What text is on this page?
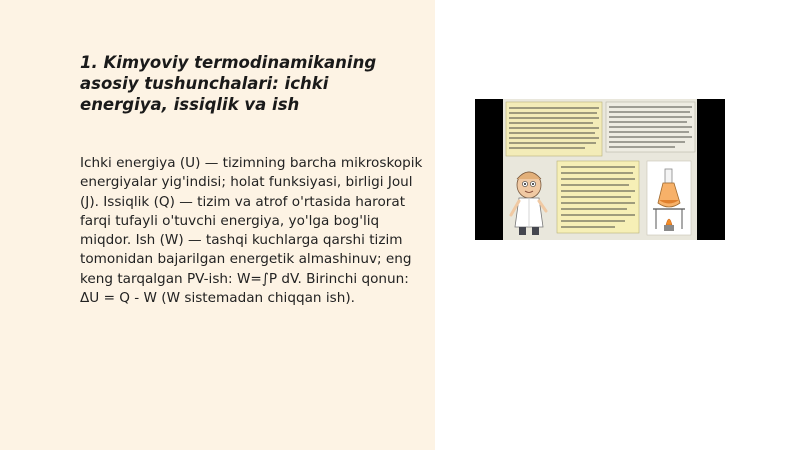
1. Kimyoviy termodinamikaning asosiy tushunchalari: ichki energiya, issiqlik va ish

Ichki energiya (U) — tizimning barcha mikroskopik energiyalar yig'indisi; holat funksiyasi, birligi Joul (J). Issiqlik (Q) — tizim va atrof o'rtasida harorat farqi tufayli o'tuvchi energiya, yo'lga bog'liq miqdor. Ish (W) — tashqi kuchlarga qarshi tizim tomonidan bajarilgan energetik almashinuv; eng keng tarqalgan PV-ish: W=∫P dV. Birinchi qonun: ΔU = Q - W (W sistemadan chiqqan ish).
